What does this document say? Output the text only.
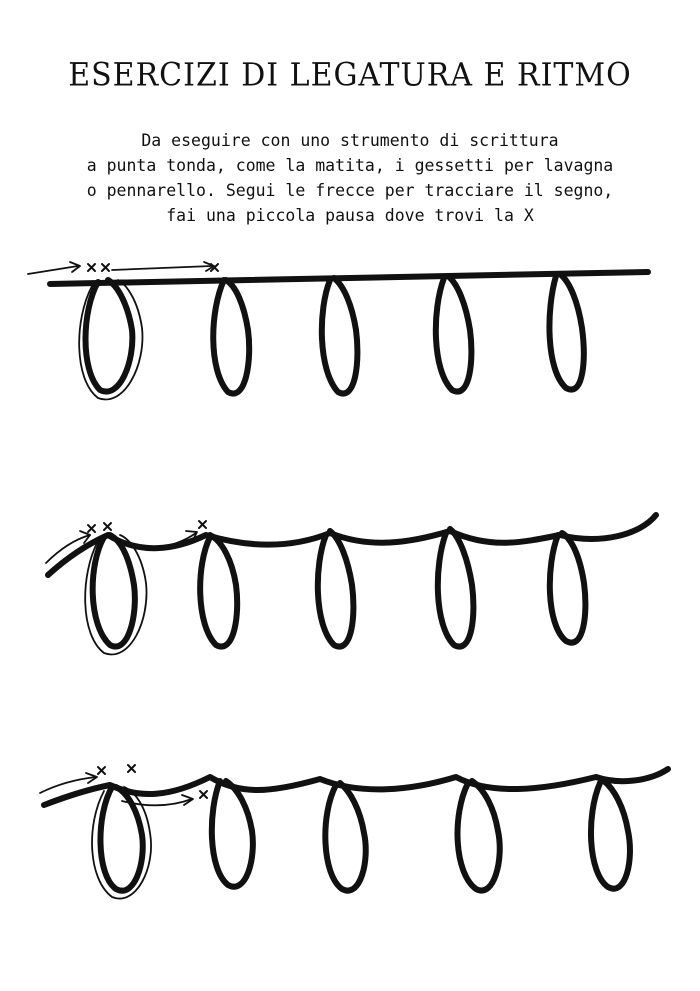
ESERCIZI DI LEGATURA E RITMO
Da eseguire con uno strumento di scrittura
a punta tonda, come la matita, i gessetti per lavagna
o pennarello. Segui le frecce per tracciare il segno,
fai una piccola pausa dove trovi la X
